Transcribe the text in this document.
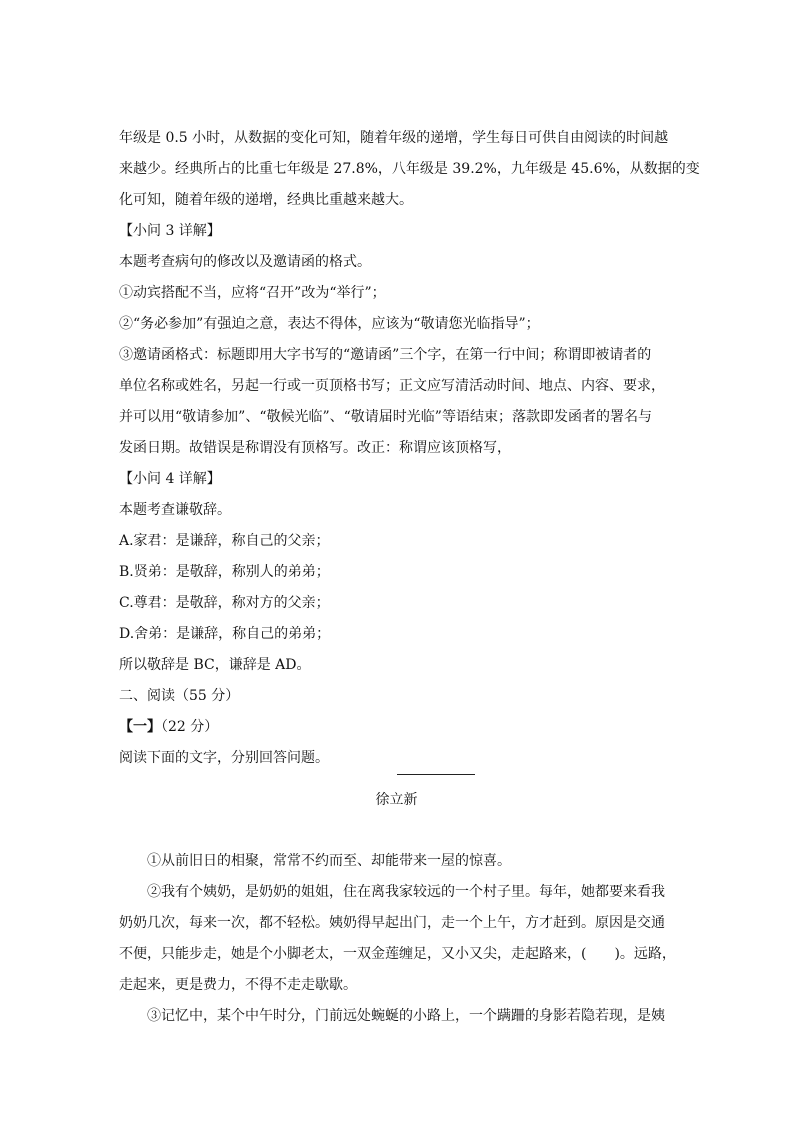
年级是 0.5 小时，从数据的变化可知，随着年级的递增，学生每日可供自由阅读的时间越
来越少。经典所占的比重七年级是 27.8%，八年级是 39.2%，九年级是 45.6%，从数据的变
化可知，随着年级的递增，经典比重越来越大。
【小问 3 详解】
本题考查病句的修改以及邀请函的格式。
①动宾搭配不当，应将“召开”改为“举行”；
②“务必参加”有强迫之意，表达不得体，应该为“敬请您光临指导”；
③邀请函格式：标题即用大字书写的“邀请函”三个字，在第一行中间；称谓即被请者的
单位名称或姓名，另起一行或一页顶格书写；正文应写清活动时间、地点、内容、要求，
并可以用“敬请参加”、“敬候光临”、“敬请届时光临”等语结束；落款即发函者的署名与
发函日期。故错误是称谓没有顶格写。改正：称谓应该顶格写，
【小问 4 详解】
本题考查谦敬辞。
A.家君：是谦辞，称自己的父亲；
B.贤弟：是敬辞，称别人的弟弟；
C.尊君：是敬辞，称对方的父亲；
D.舍弟：是谦辞，称自己的弟弟；
所以敬辞是 BC，谦辞是 AD。
二、阅读（55 分）
【一】（22 分）
阅读下面的文字，分别回答问题。
徐立新
①从前旧日的相聚，常常不约而至、却能带来一屋的惊喜。
②我有个姨奶，是奶奶的姐姐，住在离我家较远的一个村子里。每年，她都要来看我
奶奶几次，每来一次，都不轻松。姨奶得早起出门，走一个上午，方才赶到。原因是交通
不便，只能步走，她是个小脚老太，一双金莲缠足，又小又尖，走起路来，(　　)。远路，
走起来，更是费力，不得不走走歇歇。
③记忆中，某个中午时分，门前远处蜿蜒的小路上，一个蹒跚的身影若隐若现，是姨
